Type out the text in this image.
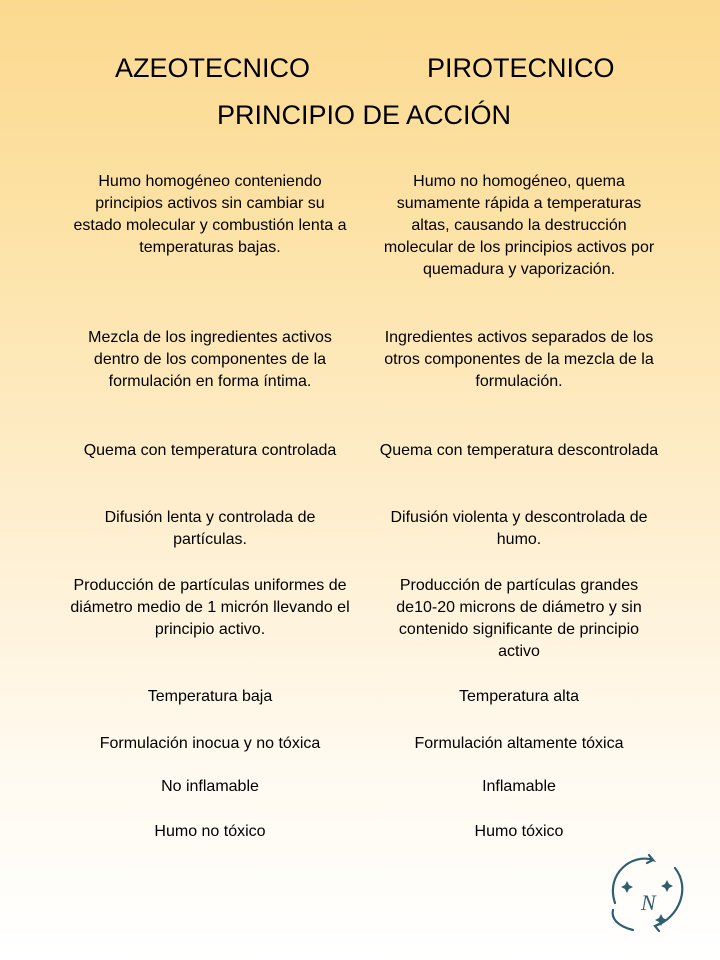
AZEOTECNICO	PIROTECNICO
PRINCIPIO DE ACCIÓN

Humo homogéneo conteniendo principios activos sin cambiar su estado molecular y combustión lenta a temperaturas bajas.

Mezcla de los ingredientes activos dentro de los componentes de la formulación en forma íntima.

Quema con temperatura controlada

Difusión lenta y controlada de partículas.

Producción de partículas uniformes de diámetro medio de 1 micrón llevando el principio activo.

Temperatura baja

Formulación inocua y no tóxica

No inflamable

Humo no tóxico

Humo no homogéneo, quema sumamente rápida a temperaturas altas, causando la destrucción molecular de los principios activos por quemadura y vaporización.

Ingredientes activos separados de los otros componentes de la mezcla de la formulación.

Quema con temperatura descontrolada

Difusión violenta y descontrolada de humo.

Producción de partículas grandes de10-20 microns de diámetro y sin contenido significante de principio activo

Temperatura alta

Formulación altamente tóxica

Inflamable

Humo tóxico

N
